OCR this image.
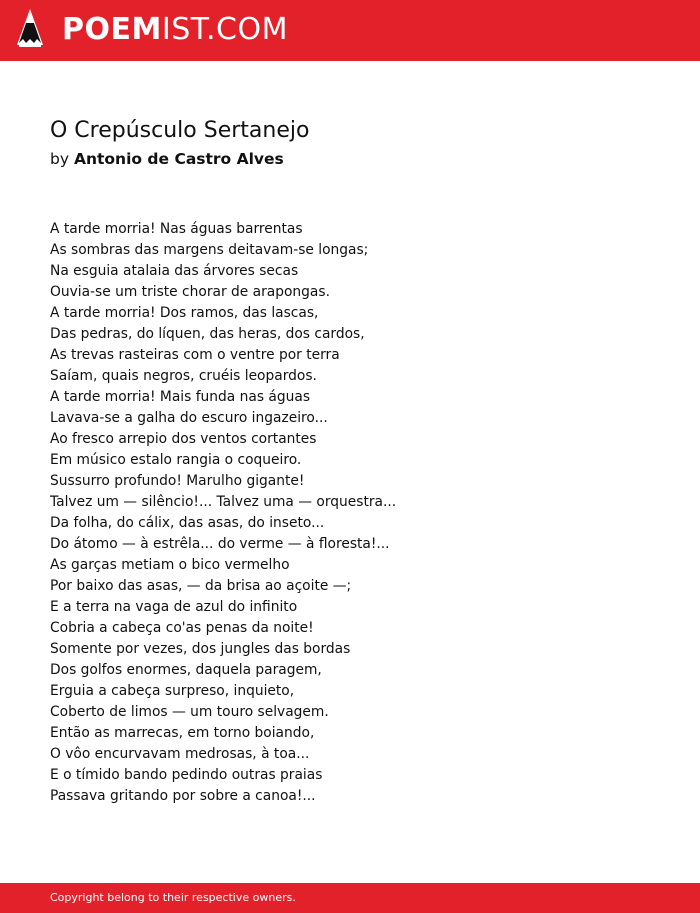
POEMIST.COM
O Crepúsculo Sertanejo
by Antonio de Castro Alves
A tarde morria! Nas águas barrentas
As sombras das margens deitavam-se longas;
Na esguia atalaia das árvores secas
Ouvia-se um triste chorar de arapongas.
A tarde morria! Dos ramos, das lascas,
Das pedras, do líquen, das heras, dos cardos,
As trevas rasteiras com o ventre por terra
Saíam, quais negros, cruéis leopardos.
A tarde morria! Mais funda nas águas
Lavava-se a galha do escuro ingazeiro...
Ao fresco arrepio dos ventos cortantes
Em músico estalo rangia o coqueiro.
Sussurro profundo! Marulho gigante!
Talvez um — silêncio!... Talvez uma — orquestra...
Da folha, do cálix, das asas, do inseto...
Do átomo — à estrêla... do verme — à floresta!...
As garças metiam o bico vermelho
Por baixo das asas, — da brisa ao açoite —;
E a terra na vaga de azul do infinito
Cobria a cabeça co'as penas da noite!
Somente por vezes, dos jungles das bordas
Dos golfos enormes, daquela paragem,
Erguia a cabeça surpreso, inquieto,
Coberto de limos — um touro selvagem.
Então as marrecas, em torno boiando,
O vôo encurvavam medrosas, à toa...
E o tímido bando pedindo outras praias
Passava gritando por sobre a canoa!...
Copyright belong to their respective owners.
